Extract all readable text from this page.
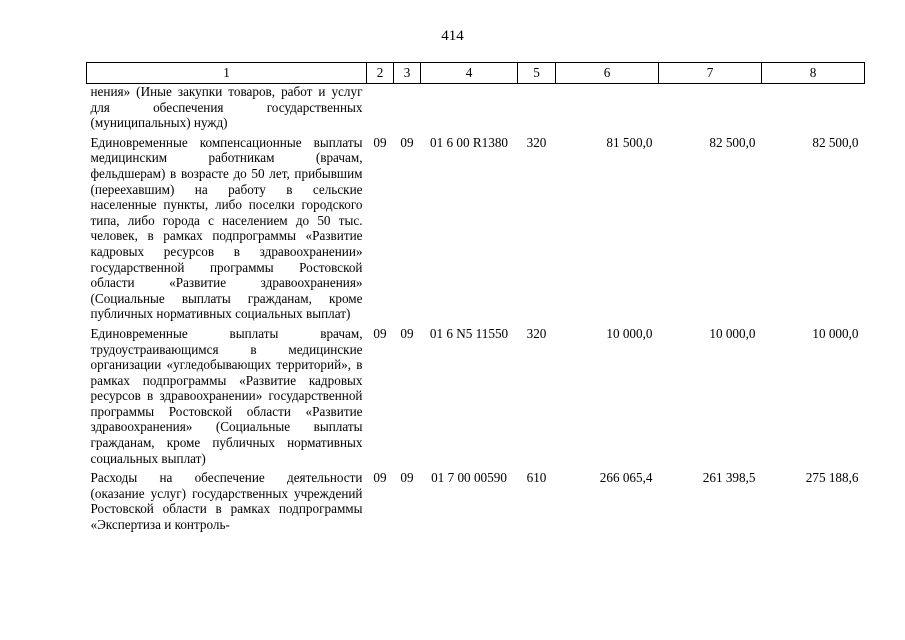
414
1	2	3	4	5	6	7	8
нения» (Иные закупки товаров, работ и услуг для обеспечения государственных (муниципальных) нужд)							
Единовременные компенсационные выплаты медицинским работникам (врачам, фельдшерам) в возрасте до 50 лет, прибывшим (переехавшим) на работу в сельские населенные пункты, либо поселки городского типа, либо города с населением до 50 тыс. человек, в рамках подпрограммы «Развитие кадровых ресурсов в здравоохранении» государственной программы Ростовской области «Развитие здравоохранения» (Социальные выплаты гражданам, кроме публичных нормативных социальных выплат)	09	09	01 6 00 R1380	320	81 500,0	82 500,0	82 500,0
Единовременные выплаты врачам, трудоустраивающимся в медицинские организации «угледобывающих территорий», в рамках подпрограммы «Развитие кадровых ресурсов в здравоохранении» государственной программы Ростовской области «Развитие здравоохранения» (Социальные выплаты гражданам, кроме публичных нормативных социальных выплат)	09	09	01 6 N5 11550	320	10 000,0	10 000,0	10 000,0
Расходы на обеспечение деятельности (оказание услуг) государственных учреждений Ростовской области в рамках подпрограммы «Экспертиза и контроль-	09	09	01 7 00 00590	610	266 065,4	261 398,5	275 188,6
